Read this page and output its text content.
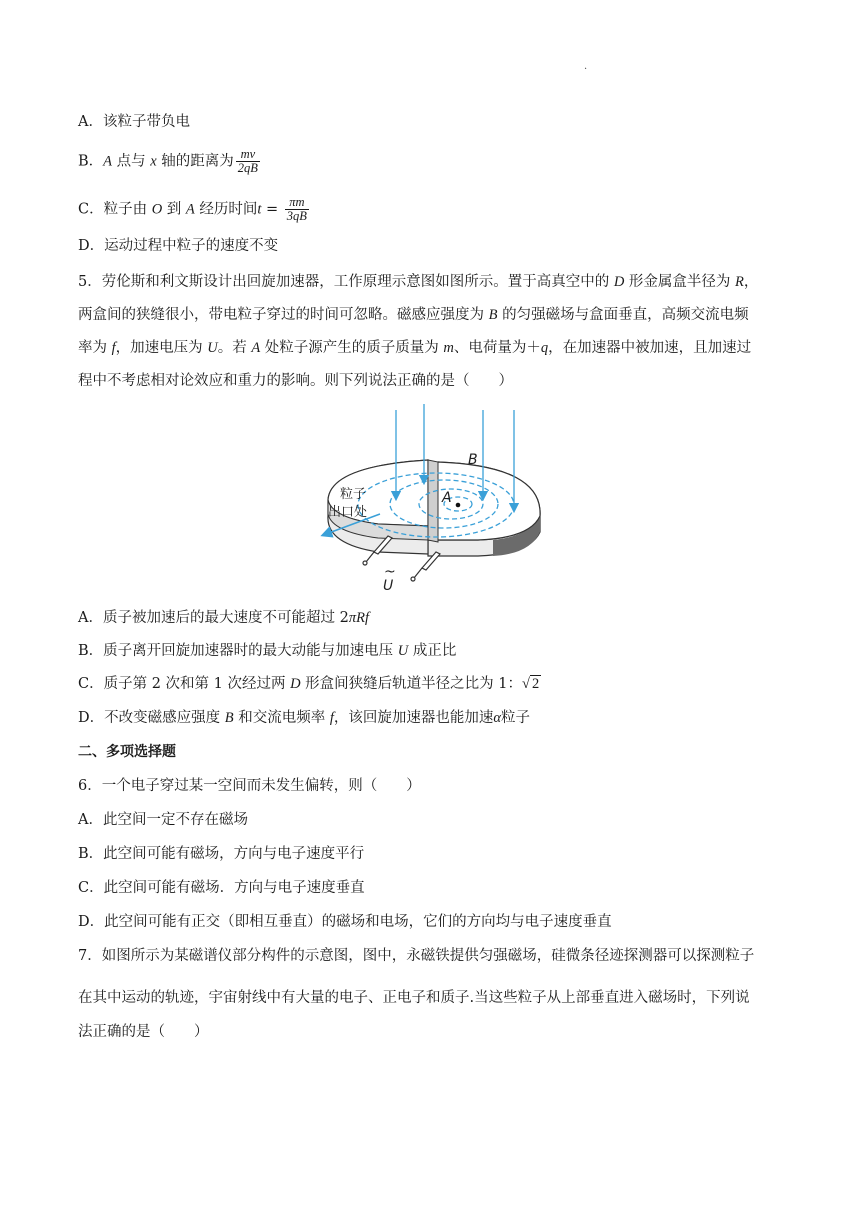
·
A．该粒子带负电
B．A 点与 x 轴的距离为 $\frac{mv}{2qB}$
C．粒子由 O 到 A 经历时间$t = \frac{\pi m}{3qB}$
D．运动过程中粒子的速度不变
5．劳伦斯和利文斯设计出回旋加速器，工作原理示意图如图所示。置于高真空中的 D 形金属盒半径为 R，
两盒间的狭缝很小，带电粒子穿过的时间可忽略。磁感应强度为 B 的匀强磁场与盒面垂直，高频交流电频
率为 f，加速电压为 U。若 A 处粒子源产生的质子质量为 m、电荷量为＋q，在加速器中被加速，且加速过
程中不考虑相对论效应和重力的影响。则下列说法正确的是（　　）
B
A
粒子
出口处
~
U
A．质子被加速后的最大速度不可能超过 2πRf
B．质子离开回旋加速器时的最大动能与加速电压 U 成正比
C．质子第 2 次和第 1 次经过两 D 形盒间狭缝后轨道半径之比为 1：√ 2
D．不改变磁感应强度 B 和交流电频率 f，该回旋加速器也能加速α粒子
二、多项选择题
6．一个电子穿过某一空间而未发生偏转，则（　　）
A．此空间一定不存在磁场
B．此空间可能有磁场，方向与电子速度平行
C．此空间可能有磁场．方向与电子速度垂直
D．此空间可能有正交（即相互垂直）的磁场和电场，它们的方向均与电子速度垂直
7．如图所示为某磁谱仪部分构件的示意图，图中，永磁铁提供匀强磁场，硅微条径迹探测器可以探测粒子
在其中运动的轨迹，宇宙射线中有大量的电子、正电子和质子.当这些粒子从上部垂直进入磁场时，下列说
法正确的是（　　）
